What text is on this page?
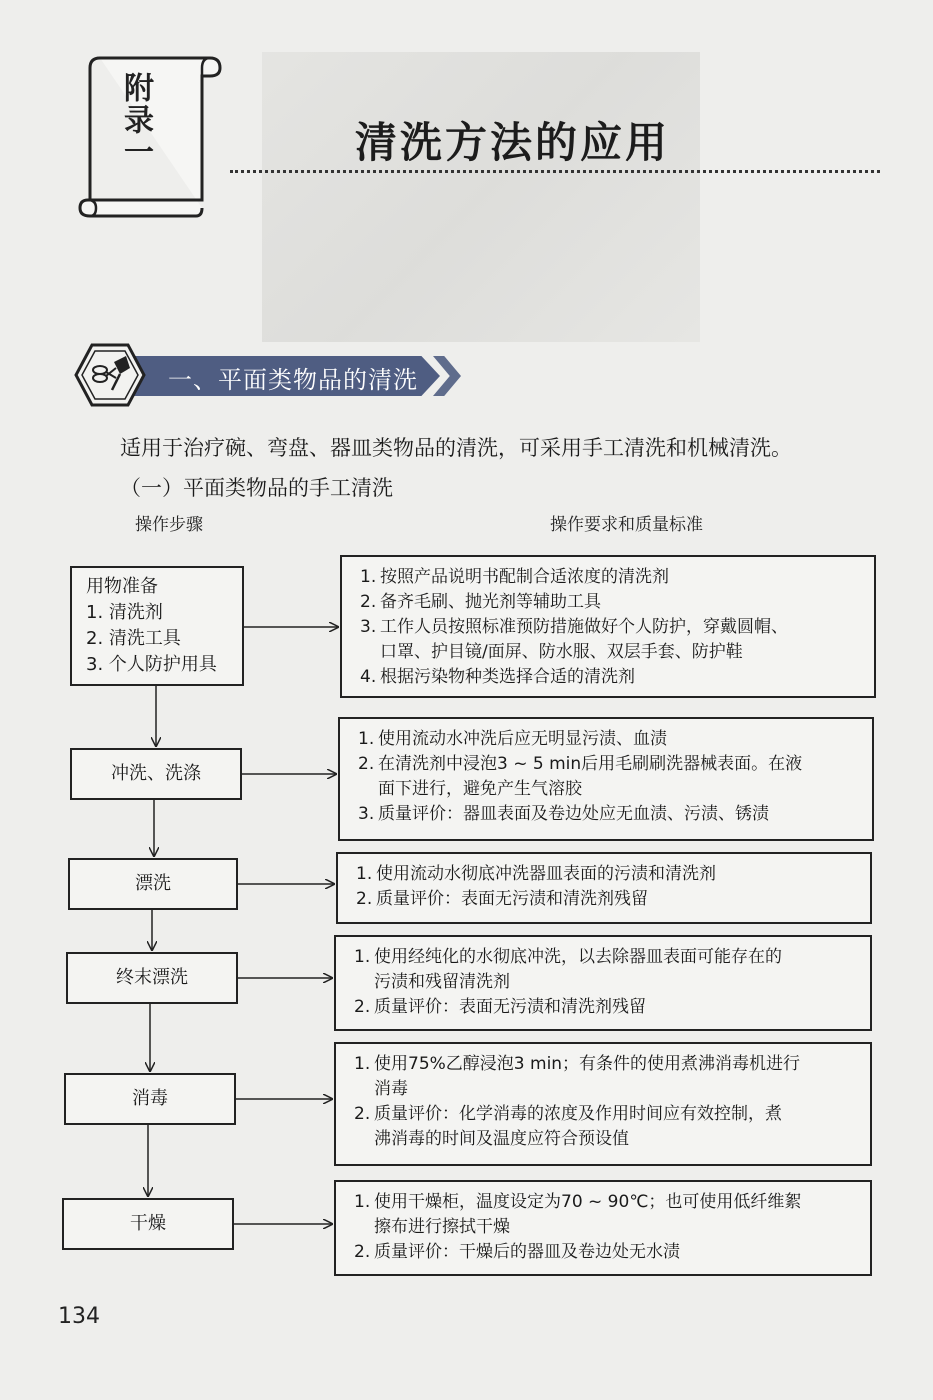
附录一	清洗方法的应用
一、平面类物品的清洗
适用于治疗碗、弯盘、器皿类物品的清洗，可采用手工清洗和机械清洗。
（一）平面类物品的手工清洗
操作步骤	操作要求和质量标准
用物准备
1. 清洗剂
2. 清洗工具
3. 个人防护用具
冲洗、洗涤
漂洗
终末漂洗
消毒
干燥
1. 按照产品说明书配制合适浓度的清洗剂
2. 备齐毛刷、抛光剂等辅助工具
3. 工作人员按照标准预防措施做好个人防护，穿戴圆帽、
口罩、护目镜/面屏、防水服、双层手套、防护鞋
4. 根据污染物种类选择合适的清洗剂
1. 使用流动水冲洗后应无明显污渍、血渍
2. 在清洗剂中浸泡3 ~ 5 min后用毛刷刷洗器械表面。在液
面下进行，避免产生气溶胶
3. 质量评价：器皿表面及卷边处应无血渍、污渍、锈渍
1. 使用流动水彻底冲洗器皿表面的污渍和清洗剂
2. 质量评价：表面无污渍和清洗剂残留
1. 使用经纯化的水彻底冲洗，以去除器皿表面可能存在的
污渍和残留清洗剂
2. 质量评价：表面无污渍和清洗剂残留
1. 使用75%乙醇浸泡3 min；有条件的使用煮沸消毒机进行
消毒
2. 质量评价：化学消毒的浓度及作用时间应有效控制，煮
沸消毒的时间及温度应符合预设值
1. 使用干燥柜，温度设定为70 ~ 90℃；也可使用低纤维絮
擦布进行擦拭干燥
2. 质量评价：干燥后的器皿及卷边处无水渍
134
